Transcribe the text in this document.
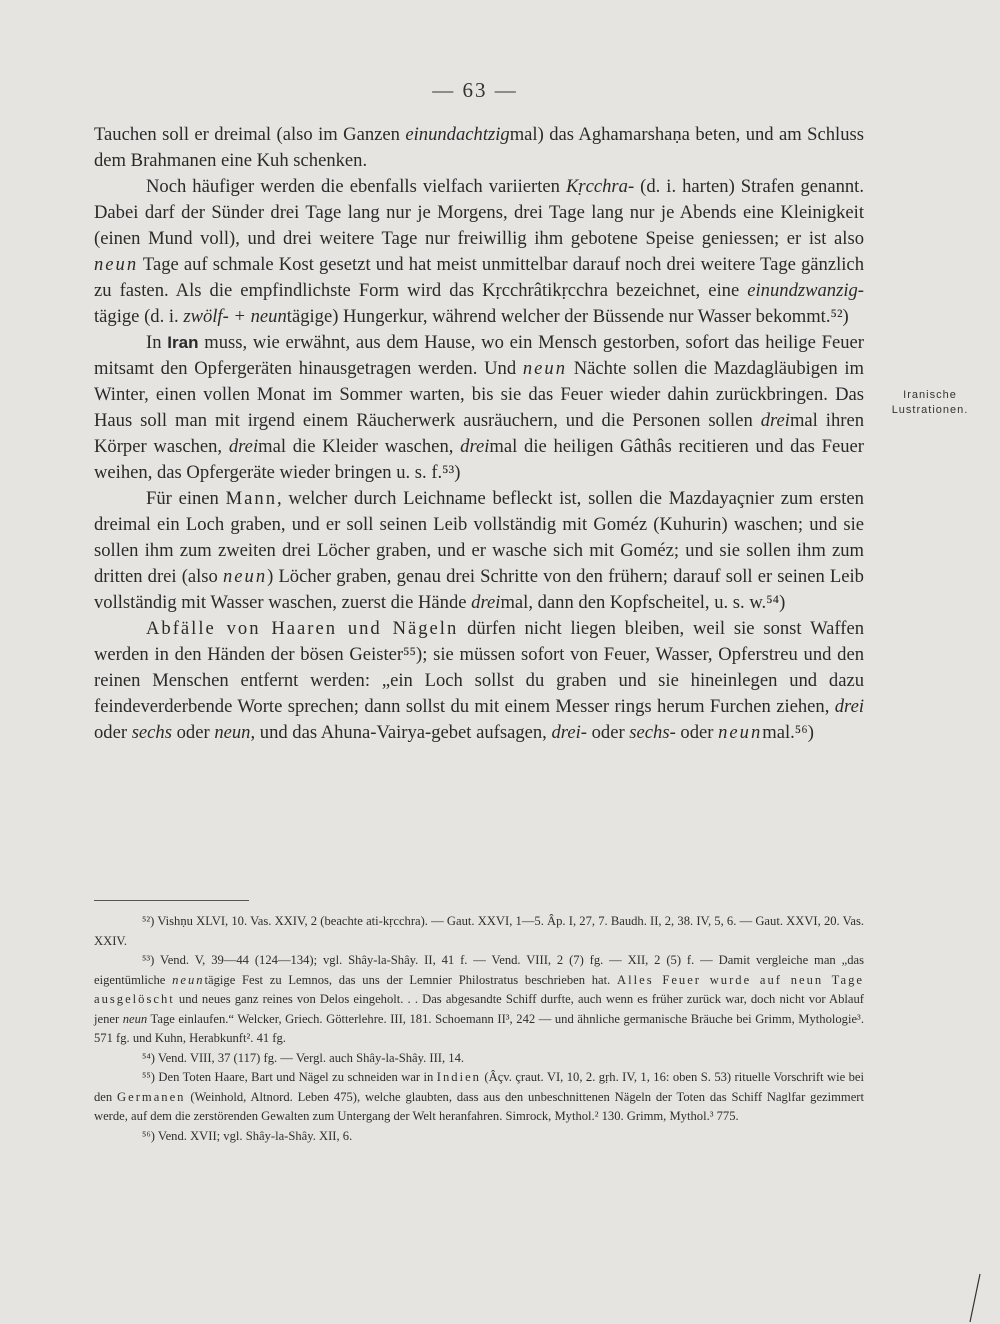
— 63 —

Tauchen soll er dreimal (also im Ganzen einundachtzigmal) das Aghamarshaṇa beten, und am Schluss dem Brahmanen eine Kuh schenken.

Noch häufiger werden die ebenfalls vielfach variierten Kṛcchra- (d. i. harten) Strafen genannt. Dabei darf der Sünder drei Tage lang nur je Morgens, drei Tage lang nur je Abends eine Kleinigkeit (einen Mund voll), und drei weitere Tage nur freiwillig ihm gebotene Speise geniessen; er ist also neun Tage auf schmale Kost gesetzt und hat meist unmittelbar darauf noch drei weitere Tage gänzlich zu fasten. Als die empfindlichste Form wird das Kṛcchrâtikṛcchra bezeichnet, eine einundzwanzig- tägige (d. i. zwölf- + neuntägige) Hungerkur, während welcher der Büssende nur Wasser bekommt.⁵²)

In Iran muss, wie erwähnt, aus dem Hause, wo ein Mensch gestorben, sofort das heilige Feuer mitsamt den Opfergeräten hinausgetragen werden. Und neun Nächte sollen die Mazdagläubigen im Winter, einen vollen Monat im Sommer warten, bis sie das Feuer wieder dahin zurückbringen. Das Haus soll man mit irgend einem Räucherwerk ausräuchern, und die Personen sollen dreimal ihren Körper waschen, dreimal die Kleider waschen, dreimal die heiligen Gâthâs recitieren und das Feuer weihen, das Opfergeräte wieder bringen u. s. f.⁵³)

Für einen Mann, welcher durch Leichname befleckt ist, sollen die Mazdayaçnier zum ersten dreimal ein Loch graben, und er soll seinen Leib vollständig mit Goméz (Kuhurin) waschen; und sie sollen ihm zum zweiten drei Löcher graben, und er wasche sich mit Goméz; und sie sollen ihm zum dritten drei (also neun) Löcher graben, genau drei Schritte von den frühern; darauf soll er seinen Leib vollständig mit Wasser waschen, zuerst die Hände dreimal, dann den Kopfscheitel, u. s. w.⁵⁴)

Abfälle von Haaren und Nägeln dürfen nicht liegen bleiben, weil sie sonst Waffen werden in den Händen der bösen Geister⁵⁵); sie müssen sofort von Feuer, Wasser, Opferstreu und den reinen Menschen entfernt werden: „ein Loch sollst du graben und sie hineinlegen und dazu feindeverderbende Worte sprechen; dann sollst du mit einem Messer rings herum Furchen ziehen, drei oder sechs oder neun, und das Ahuna-Vairya-gebet aufsagen, drei- oder sechs- oder neunmal.⁵⁶)

Iranische
Lustrationen.

⁵²) Vishṇu XLVI, 10. Vas. XXIV, 2 (beachte ati-kṛcchra). — Gaut. XXVI, 1—5. Âp. I, 27, 7. Baudh. II, 2, 38. IV, 5, 6. — Gaut. XXVI, 20. Vas. XXIV.

⁵³) Vend. V, 39—44 (124—134); vgl. Shây-la-Shây. II, 41 f. — Vend. VIII, 2 (7) fg. — XII, 2 (5) f. — Damit vergleiche man „das eigentümliche neuntägige Fest zu Lemnos, das uns der Lemnier Philostratus beschrieben hat. Alles Feuer wurde auf neun Tage ausgelöscht und neues ganz reines von Delos eingeholt. . . Das abgesandte Schiff durfte, auch wenn es früher zurück war, doch nicht vor Ablauf jener neun Tage einlaufen.“ Welcker, Griech. Götterlehre. III, 181. Schoemann II³, 242 — und ähnliche germanische Bräuche bei Grimm, Mythologie³. 571 fg. und Kuhn, Herabkunft². 41 fg.

⁵⁴) Vend. VIII, 37 (117) fg. — Vergl. auch Shây-la-Shây. III, 14.

⁵⁵) Den Toten Haare, Bart und Nägel zu schneiden war in Indien (Âçv. çraut. VI, 10, 2. gṛh. IV, 1, 16: oben S. 53) rituelle Vorschrift wie bei den Germanen (Weinhold, Altnord. Leben 475), welche glaubten, dass aus den unbeschnittenen Nägeln der Toten das Schiff Naglfar gezimmert werde, auf dem die zerstörenden Gewalten zum Untergang der Welt heranfahren. Simrock, Mythol.² 130. Grimm, Mythol.³ 775.

⁵⁶) Vend. XVII; vgl. Shây-la-Shây. XII, 6.
